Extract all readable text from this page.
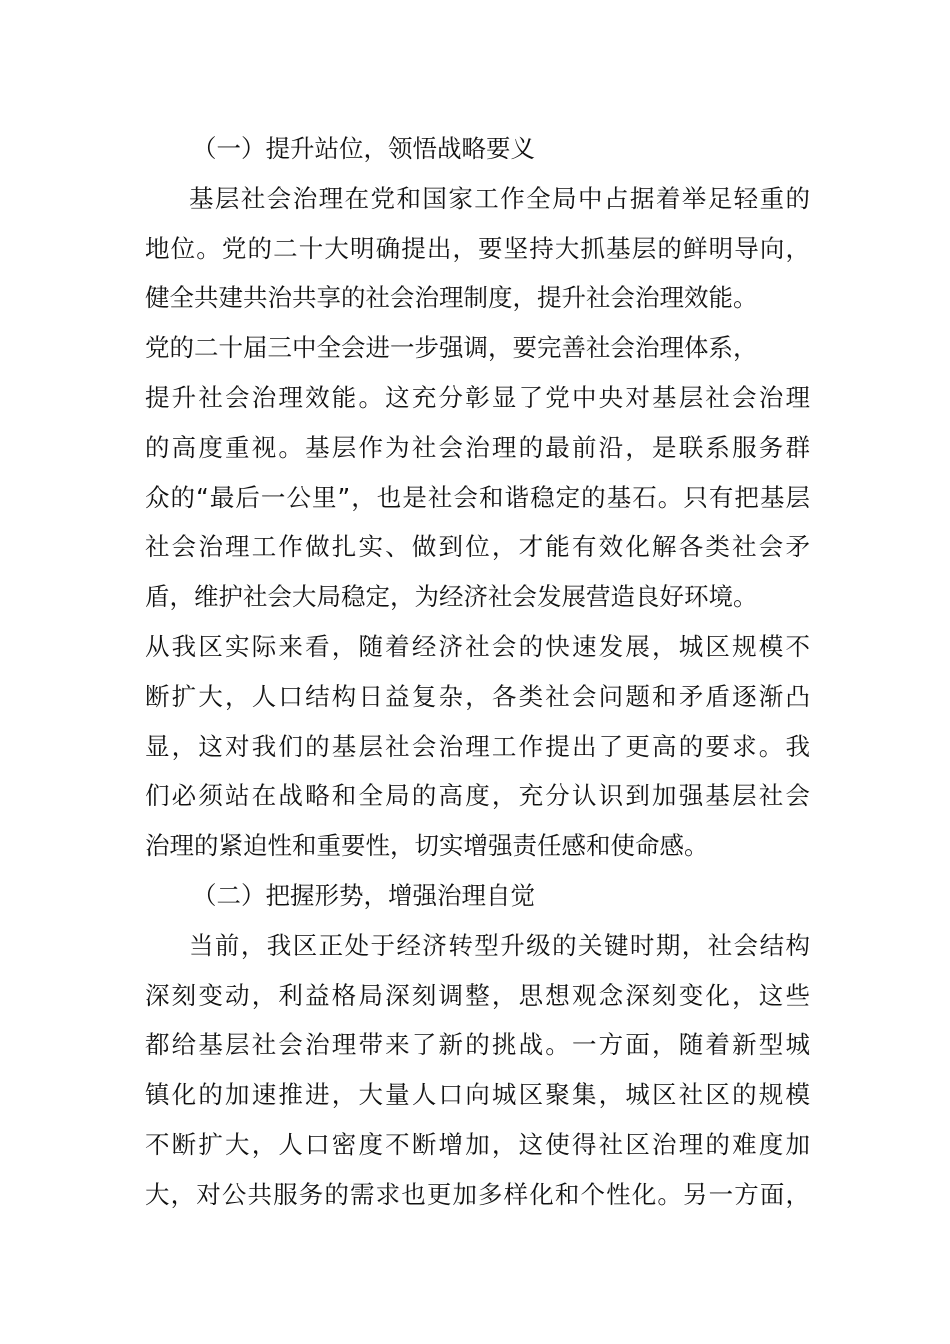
（一）提升站位，领悟战略要义
基层社会治理在党和国家工作全局中占据着举足轻重的
地位。党的二十大明确提出，要坚持大抓基层的鲜明导向，
健全共建共治共享的社会治理制度，提升社会治理效能。
党的二十届三中全会进一步强调，要完善社会治理体系，
提升社会治理效能。这充分彰显了党中央对基层社会治理
的高度重视。基层作为社会治理的最前沿，是联系服务群
众的“最后一公里”，也是社会和谐稳定的基石。只有把基层
社会治理工作做扎实、做到位，才能有效化解各类社会矛
盾，维护社会大局稳定，为经济社会发展营造良好环境。
从我区实际来看，随着经济社会的快速发展，城区规模不
断扩大，人口结构日益复杂，各类社会问题和矛盾逐渐凸
显，这对我们的基层社会治理工作提出了更高的要求。我
们必须站在战略和全局的高度，充分认识到加强基层社会
治理的紧迫性和重要性，切实增强责任感和使命感。
（二）把握形势，增强治理自觉
当前，我区正处于经济转型升级的关键时期，社会结构
深刻变动，利益格局深刻调整，思想观念深刻变化，这些
都给基层社会治理带来了新的挑战。一方面，随着新型城
镇化的加速推进，大量人口向城区聚集，城区社区的规模
不断扩大，人口密度不断增加，这使得社区治理的难度加
大，对公共服务的需求也更加多样化和个性化。另一方面，
